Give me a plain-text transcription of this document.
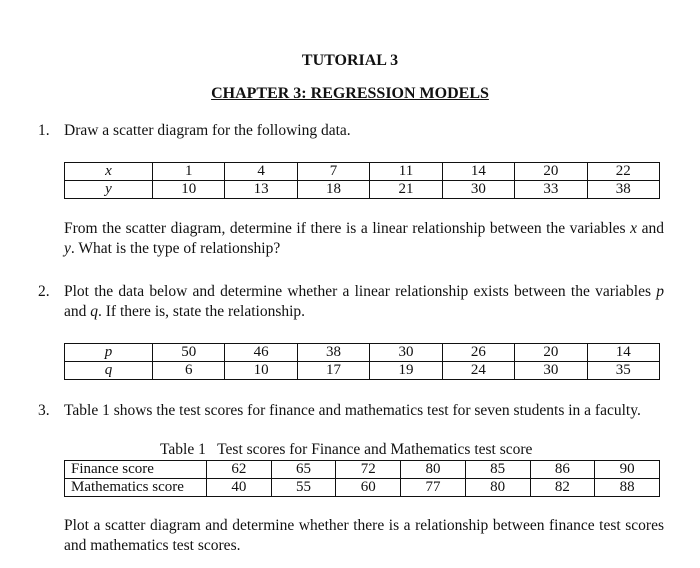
TUTORIAL 3
CHAPTER 3: REGRESSION MODELS
1. Draw a scatter diagram for the following data.
x	1	4	7	11	14	20	22
y	10	13	18	21	30	33	38
From the scatter diagram, determine if there is a linear relationship between the variables x and y. What is the type of relationship?
2. Plot the data below and determine whether a linear relationship exists between the variables p and q. If there is, state the relationship.
p	50	46	38	30	26	20	14
q	6	10	17	19	24	30	35
3. Table 1 shows the test scores for finance and mathematics test for seven students in a faculty.
Table 1   Test scores for Finance and Mathematics test score
Finance score	62	65	72	80	85	86	90
Mathematics score	40	55	60	77	80	82	88
Plot a scatter diagram and determine whether there is a relationship between finance test scores and mathematics test scores.
